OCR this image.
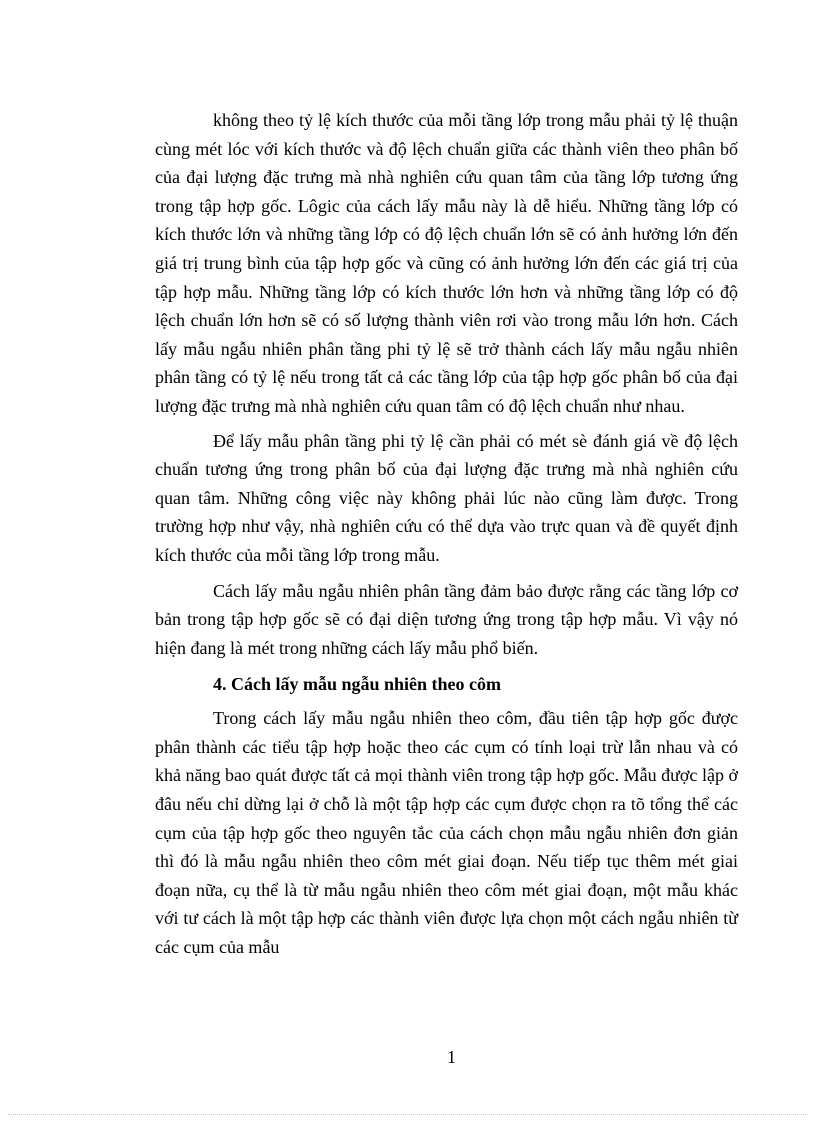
không theo tỷ lệ kích thước của mỗi tầng lớp trong mẫu phải tỷ lệ thuận cùng mét lóc với kích thước và độ lệch chuẩn giữa các thành viên theo phân bố của đại lượng đặc trưng mà nhà nghiên cứu quan tâm của tầng lớp tương ứng trong tập hợp gốc. Lôgic của cách lấy mẫu này là dễ hiểu. Những tầng lớp có kích thước lớn và những tầng lớp có độ lệch chuẩn lớn sẽ có ảnh hưởng lớn đến giá trị trung bình của tập hợp gốc và cũng có ảnh hưởng lớn đến các giá trị của tập hợp mẫu. Những tầng lớp có kích thước lớn hơn và những tầng lớp có độ lệch chuẩn lớn hơn sẽ có số lượng thành viên rơi vào trong mẫu lớn hơn. Cách lấy mẫu ngẫu nhiên phân tầng phi tỷ lệ sẽ trở thành cách lấy mẫu ngẫu nhiên phân tầng có tỷ lệ nếu trong tất cả các tầng lớp của tập hợp gốc phân bố của đại lượng đặc trưng mà nhà nghiên cứu quan tâm có độ lệch chuẩn như nhau.

Để lấy mẫu phân tầng phi tỷ lệ cần phải có mét sè đánh giá về độ lệch chuẩn tương ứng trong phân bố của đại lượng đặc trưng mà nhà nghiên cứu quan tâm. Những công việc này không phải lúc nào cũng làm được. Trong trường hợp như vậy, nhà nghiên cứu có thể dựa vào trực quan và đề quyết định kích thước của mỗi tầng lớp trong mẫu.

Cách lấy mẫu ngẫu nhiên phân tầng đảm bảo được rằng các tầng lớp cơ bản trong tập hợp gốc sẽ có đại diện tương ứng trong tập hợp mẫu. Vì vậy nó hiện đang là mét trong những cách lấy mẫu phổ biến.

4. Cách lấy mẫu ngẫu nhiên theo côm

Trong cách lấy mẫu ngẫu nhiên theo côm, đầu tiên tập hợp gốc được phân thành các tiểu tập hợp hoặc theo các cụm có tính loại trừ lẫn nhau và có khả năng bao quát được tất cả mọi thành viên trong tập hợp gốc. Mẫu được lập ở đâu nếu chỉ dừng lại ở chỗ là một tập hợp các cụm được chọn ra tõ tổng thể các cụm của tập hợp gốc theo nguyên tắc của cách chọn mẫu ngẫu nhiên đơn giản thì đó là mẫu ngẫu nhiên theo côm mét giai đoạn. Nếu tiếp tục thêm mét giai đoạn nữa, cụ thể là từ mẫu ngẫu nhiên theo côm mét giai đoạn, một mẫu khác với tư cách là một tập hợp các thành viên được lựa chọn một cách ngẫu nhiên từ các cụm của mẫu

1
